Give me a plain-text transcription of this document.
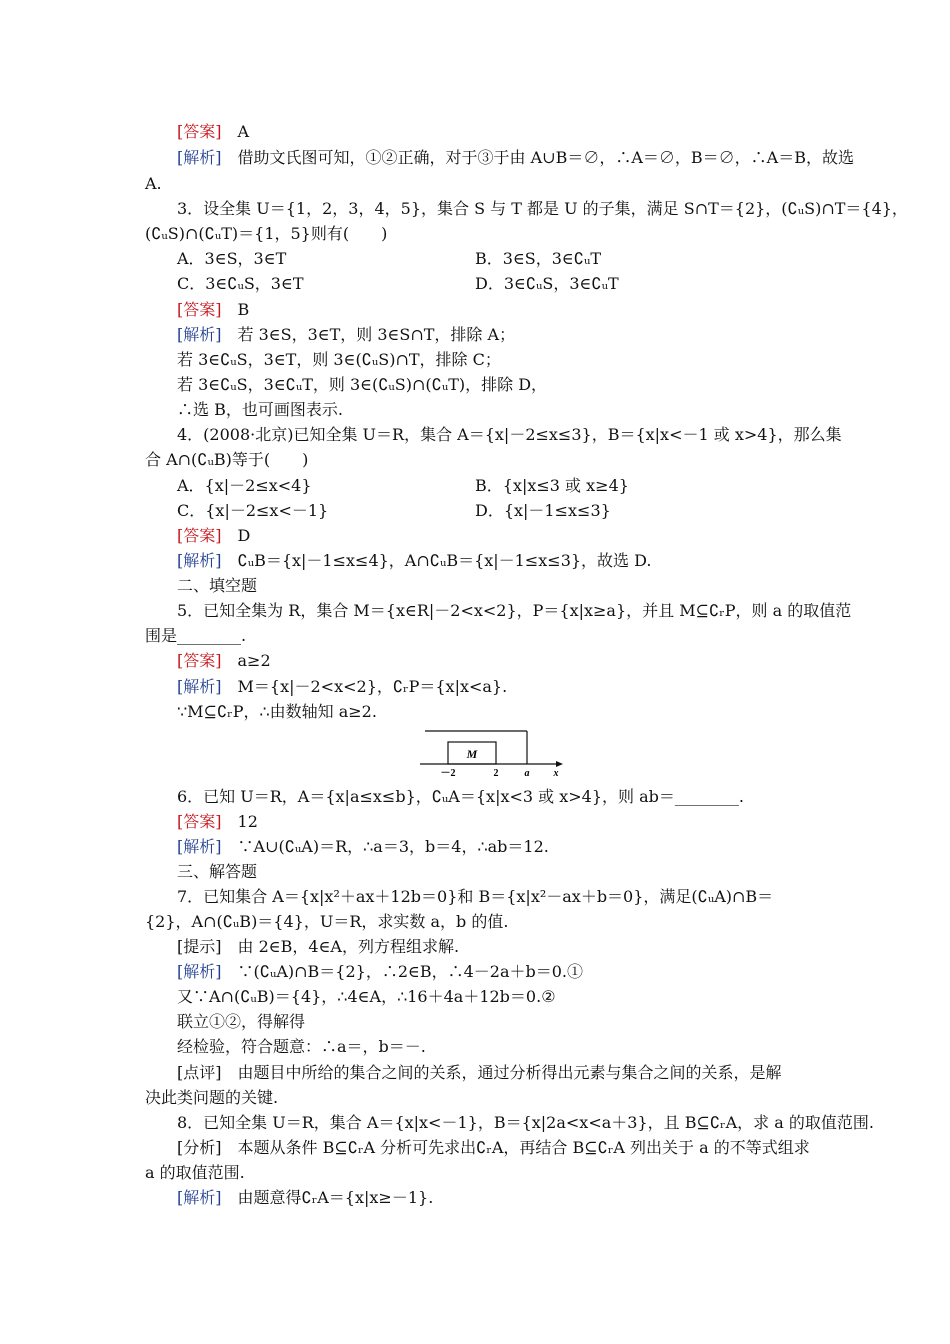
[答案]　 A
[解析]　 借助文氏图可知，①②正确，对于③于由 A∪B＝∅，∴A＝∅，B＝∅，∴A＝B，故选
A.
3．设全集 U＝{1，2，3，4，5}，集合 S 与 T 都是 U 的子集，满足 S∩T＝{2}，(∁ᵤS)∩T＝{4}，
(∁ᵤS)∩(∁ᵤT)＝{1，5}则有(　　)
A．3∈S，3∈T	B．3∈S，3∈∁ᵤT
C．3∈∁ᵤS，3∈T	D．3∈∁ᵤS，3∈∁ᵤT
[答案]　 B
[解析]　 若 3∈S，3∈T，则 3∈S∩T，排除 A；
若 3∈∁ᵤS，3∈T，则 3∈(∁ᵤS)∩T，排除 C；
若 3∈∁ᵤS，3∈∁ᵤT，则 3∈(∁ᵤS)∩(∁ᵤT)，排除 D，
∴选 B，也可画图表示.
4．(2008·北京)已知全集 U＝R，集合 A＝{x|－2≤x≤3}，B＝{x|x<－1 或 x>4}，那么集
合 A∩(∁ᵤB)等于(　　)
A．{x|－2≤x<4}	B．{x|x≤3 或 x≥4}
C．{x|－2≤x<－1}	D．{x|－1≤x≤3}
[答案]　 D
[解析]　 ∁ᵤB＝{x|－1≤x≤4}，A∩∁ᵤB＝{x|－1≤x≤3}，故选 D.
二、填空题
5．已知全集为 R，集合 M＝{x∈R|－2<x<2}，P＝{x|x≥a}，并且 M⊆∁ᵣP，则 a 的取值范
围是________.
[答案]　 a≥2
[解析]　 M＝{x|－2<x<2}，∁ᵣP＝{x|x<a}.
∵M⊆∁ᵣP，∴由数轴知 a≥2.
M
－2	2	a x
6．已知 U＝R，A＝{x|a≤x≤b}，∁ᵤA＝{x|x<3 或 x>4}，则 ab＝________.
[答案]　 12
[解析]　 ∵A∪(∁ᵤA)＝R，∴a＝3，b＝4，∴ab＝12.
三、解答题
7．已知集合 A＝{x|x²＋ax＋12b＝0}和 B＝{x|x²－ax＋b＝0}，满足(∁ᵤA)∩B＝
{2}，A∩(∁ᵤB)＝{4}，U＝R，求实数 a，b 的值.
[提示]　 由 2∈B，4∈A，列方程组求解.
[解析]　 ∵(∁ᵤA)∩B＝{2}，∴2∈B，∴4－2a＋b＝0.①
又∵A∩(∁ᵤB)＝{4}，∴4∈A，∴16＋4a＋12b＝0.②
联立①②，得解得
经检验，符合题意：∴a＝，b＝－.
[点评]　 由题目中所给的集合之间的关系，通过分析得出元素与集合之间的关系，是解
决此类问题的关键.
8．已知全集 U＝R，集合 A＝{x|x<－1}，B＝{x|2a<x<a＋3}，且 B⊆∁ᵣA，求 a 的取值范围.
[分析]　 本题从条件 B⊆∁ᵣA 分析可先求出∁ᵣA，再结合 B⊆∁ᵣA 列出关于 a 的不等式组求
a 的取值范围.
[解析]　 由题意得∁ᵣA＝{x|x≥－1}.
